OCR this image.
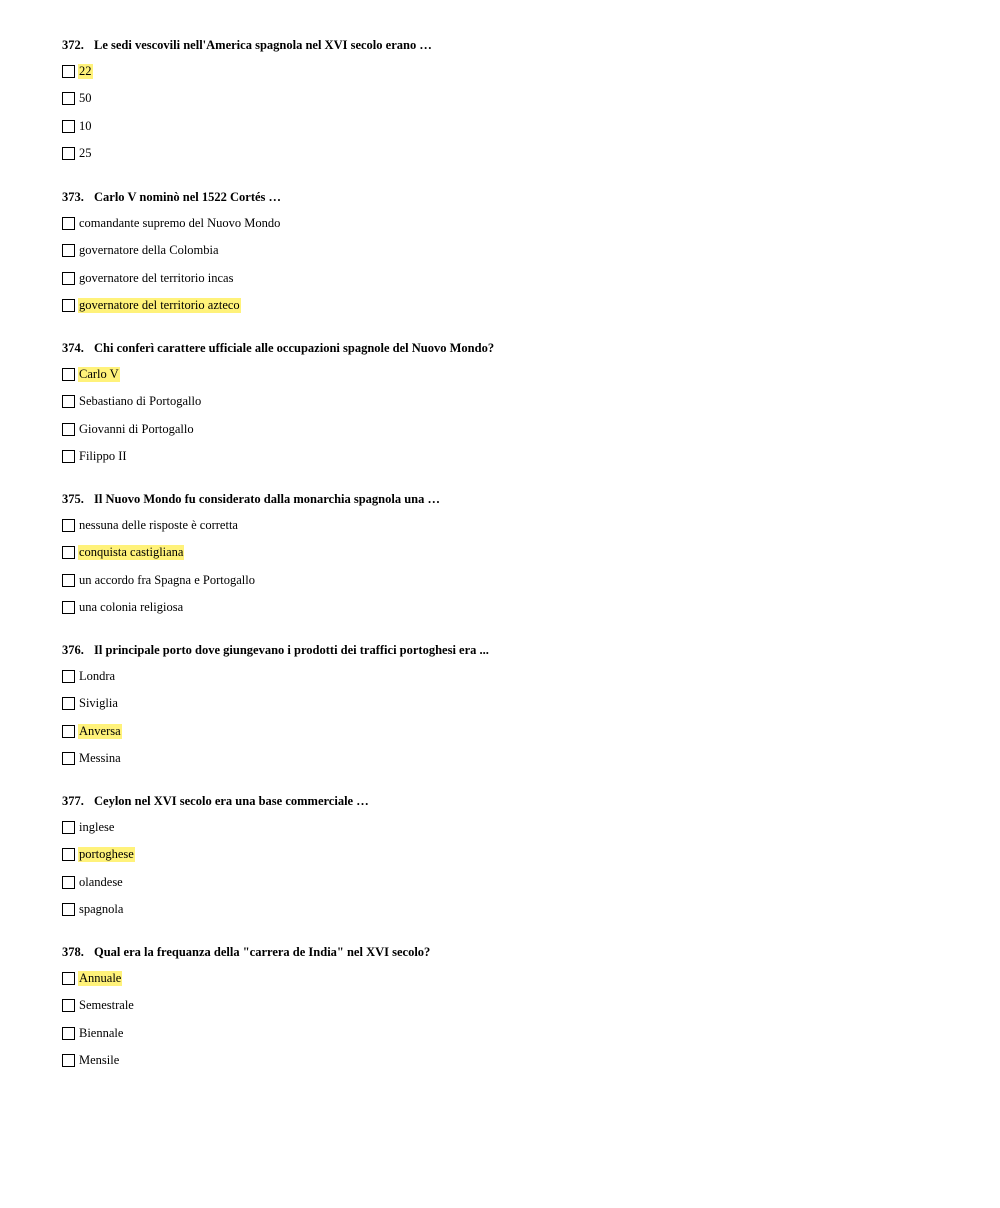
372. Le sedi vescovili nell'America spagnola nel XVI secolo erano …
22
50
10
25
373. Carlo V nominò nel 1522 Cortés …
comandante supremo del Nuovo Mondo
governatore della Colombia
governatore del territorio incas
governatore del territorio azteco
374. Chi conferì carattere ufficiale alle occupazioni spagnole del Nuovo Mondo?
Carlo V
Sebastiano di Portogallo
Giovanni di Portogallo
Filippo II
375. Il Nuovo Mondo fu considerato dalla monarchia spagnola una …
nessuna delle risposte è corretta
conquista castigliana
un accordo fra Spagna e Portogallo
una colonia religiosa
376. Il principale porto dove giungevano i prodotti dei traffici portoghesi era ...
Londra
Siviglia
Anversa
Messina
377. Ceylon nel XVI secolo era una base commerciale …
inglese
portoghese
olandese
spagnola
378. Qual era la frequanza della "carrera de India" nel XVI secolo?
Annuale
Semestrale
Biennale
Mensile
